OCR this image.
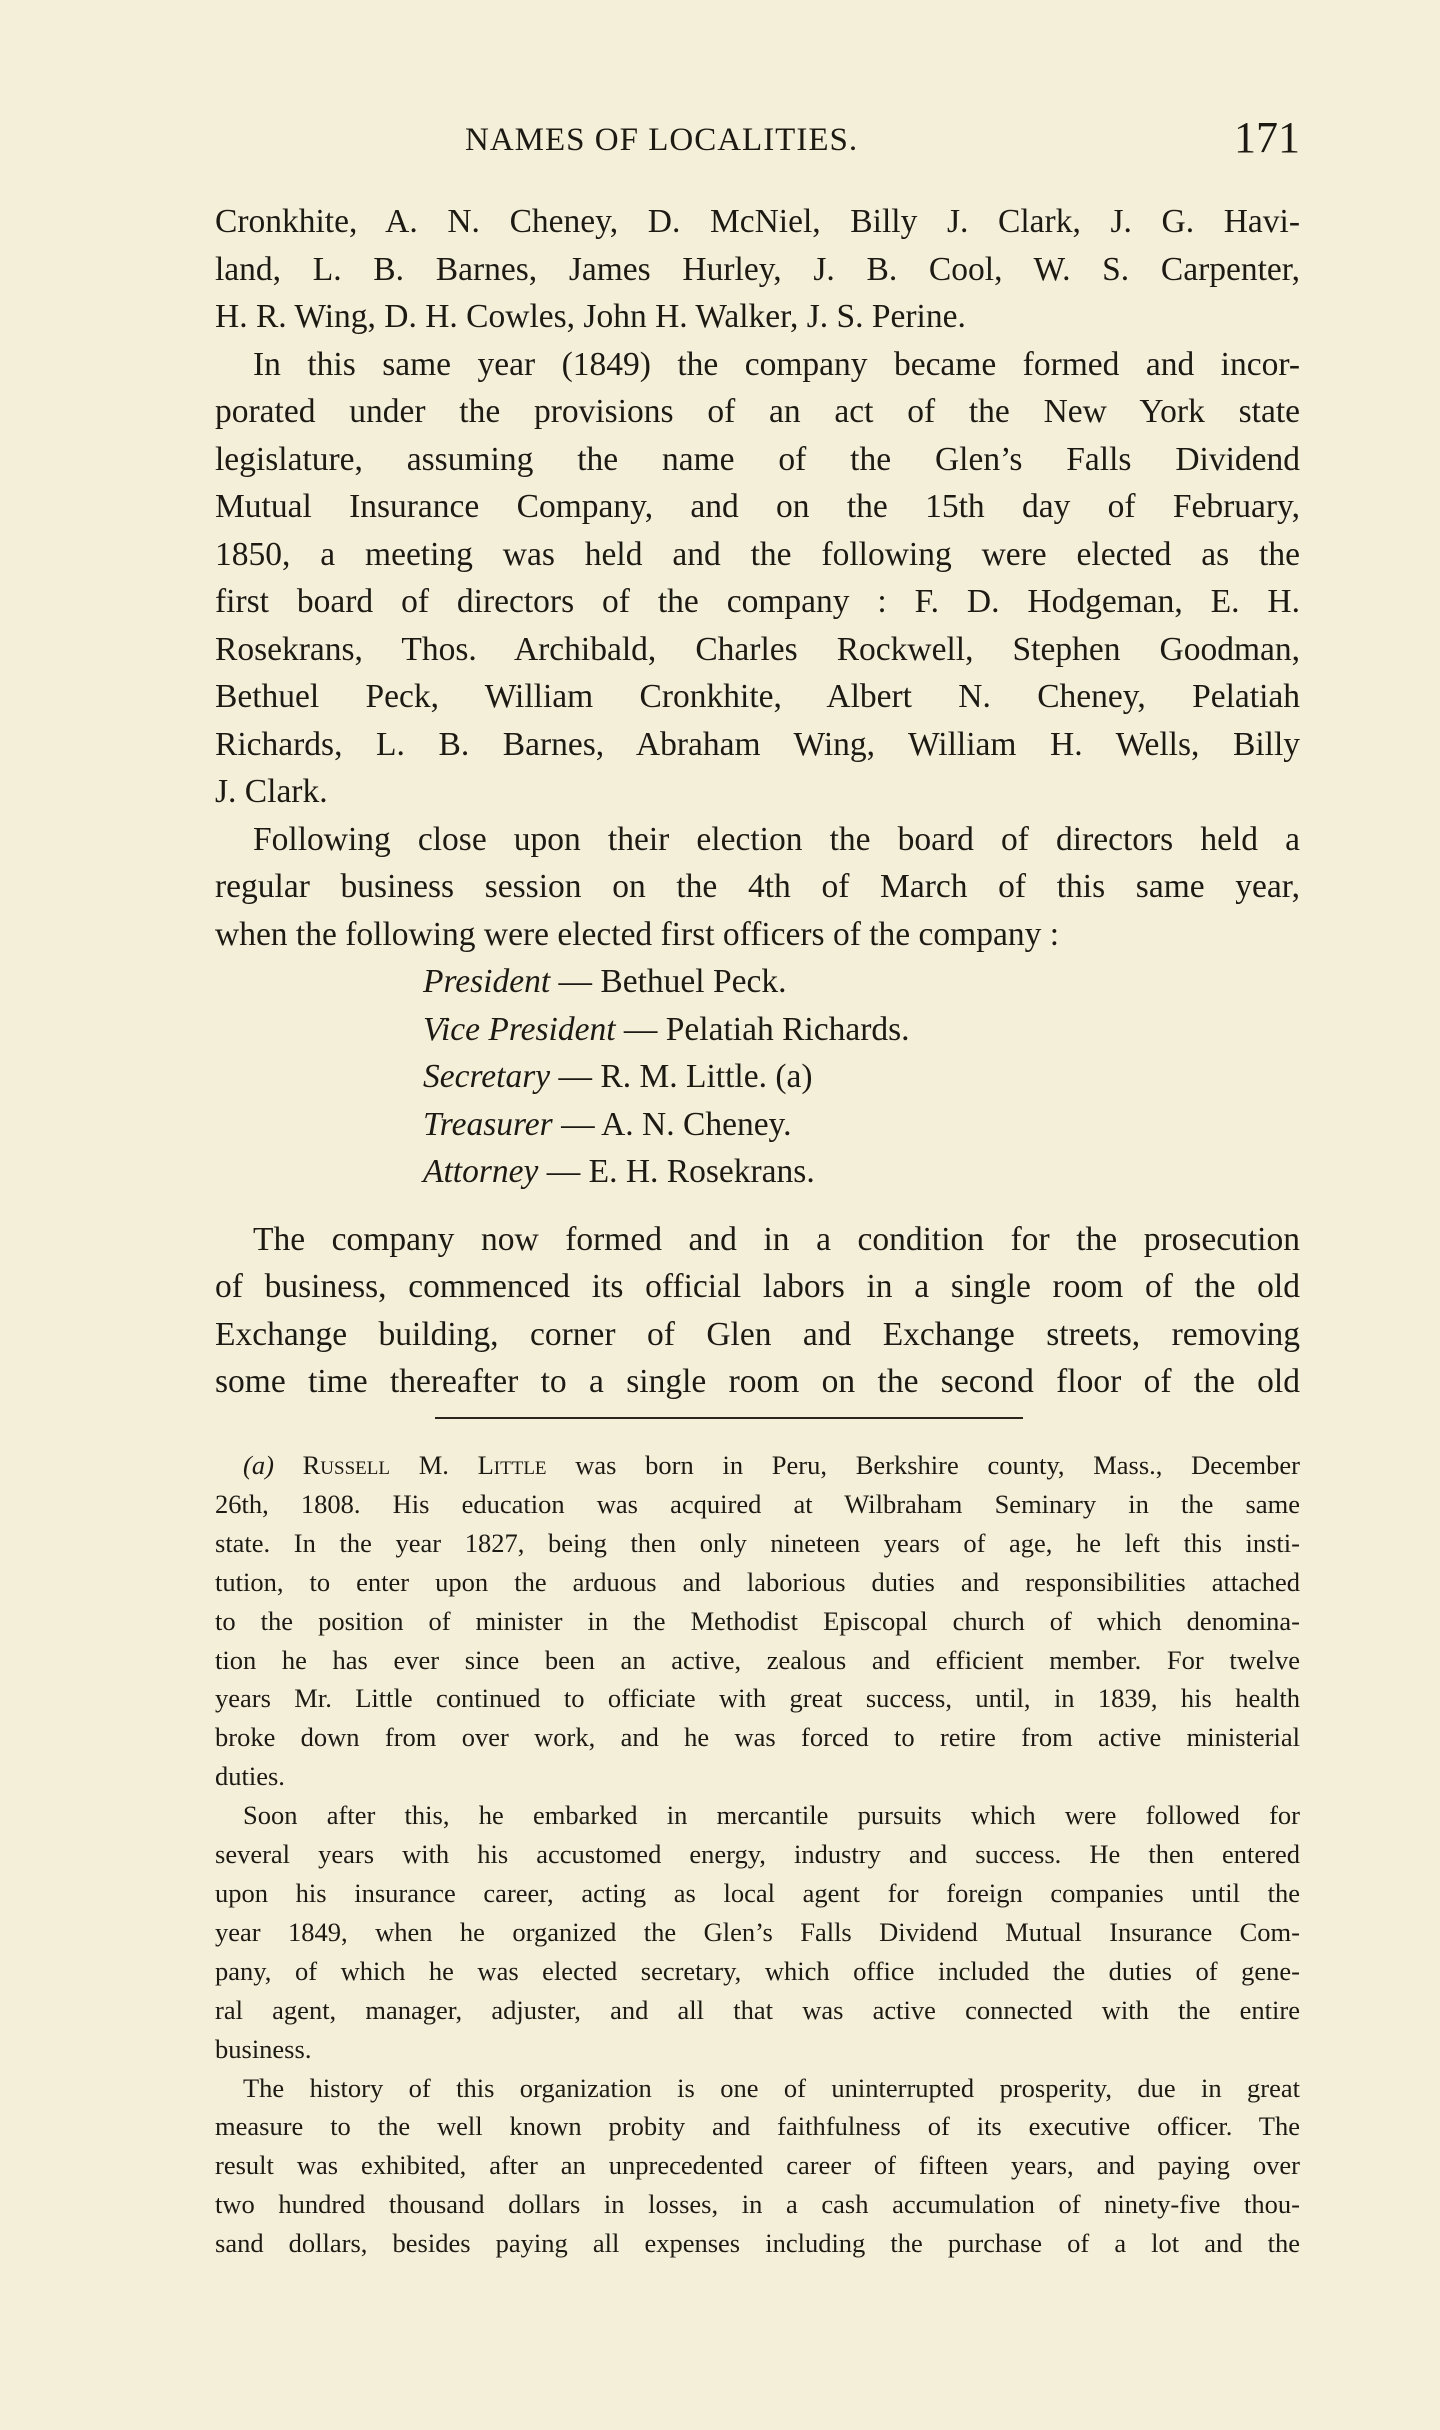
NAMES OF LOCALITIES.	171
Cronkhite, A. N. Cheney, D. McNiel, Billy J. Clark, J. G. Havi-
land, L. B. Barnes, James Hurley, J. B. Cool, W. S. Carpenter,
H. R. Wing, D. H. Cowles, John H. Walker, J. S. Perine.
In this same year (1849) the company became formed and incor-
porated under the provisions of an act of the New York state
legislature, assuming the name of the Glen’s Falls Dividend
Mutual Insurance Company, and on the 15th day of February,
1850, a meeting was held and the following were elected as the
first board of directors of the company : F. D. Hodgeman, E. H.
Rosekrans, Thos. Archibald, Charles Rockwell, Stephen Goodman,
Bethuel Peck, William Cronkhite, Albert N. Cheney, Pelatiah
Richards, L. B. Barnes, Abraham Wing, William H. Wells, Billy
J. Clark.
Following close upon their election the board of directors held a
regular business session on the 4th of March of this same year,
when the following were elected first officers of the company :
President — Bethuel Peck.
Vice President — Pelatiah Richards.
Secretary — R. M. Little. (a)
Treasurer — A. N. Cheney.
Attorney — E. H. Rosekrans.
The company now formed and in a condition for the prosecution
of business, commenced its official labors in a single room of the old
Exchange building, corner of Glen and Exchange streets, removing
some time thereafter to a single room on the second floor of the old
(a) Russell M. Little was born in Peru, Berkshire county, Mass., December
26th, 1808. His education was acquired at Wilbraham Seminary in the same
state. In the year 1827, being then only nineteen years of age, he left this insti-
tution, to enter upon the arduous and laborious duties and responsibilities attached
to the position of minister in the Methodist Episcopal church of which denomina-
tion he has ever since been an active, zealous and efficient member. For twelve
years Mr. Little continued to officiate with great success, until, in 1839, his health
broke down from over work, and he was forced to retire from active ministerial
duties.
Soon after this, he embarked in mercantile pursuits which were followed for
several years with his accustomed energy, industry and success. He then entered
upon his insurance career, acting as local agent for foreign companies until the
year 1849, when he organized the Glen’s Falls Dividend Mutual Insurance Com-
pany, of which he was elected secretary, which office included the duties of gene-
ral agent, manager, adjuster, and all that was active connected with the entire
business.
The history of this organization is one of uninterrupted prosperity, due in great
measure to the well known probity and faithfulness of its executive officer. The
result was exhibited, after an unprecedented career of fifteen years, and paying over
two hundred thousand dollars in losses, in a cash accumulation of ninety-five thou-
sand dollars, besides paying all expenses including the purchase of a lot and the
